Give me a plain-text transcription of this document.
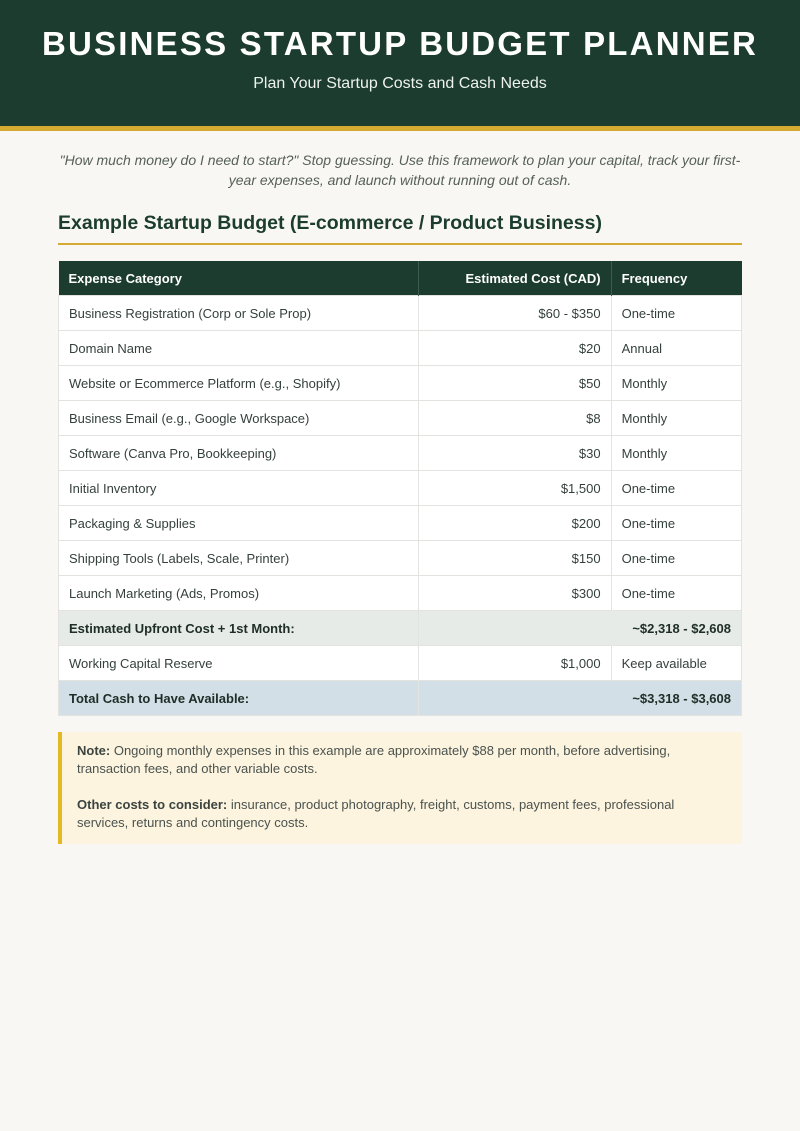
BUSINESS STARTUP BUDGET PLANNER
Plan Your Startup Costs and Cash Needs
"How much money do I need to start?" Stop guessing. Use this framework to plan your capital, track your first-year expenses, and launch without running out of cash.
Example Startup Budget (E-commerce / Product Business)
Expense Category	Estimated Cost (CAD)	Frequency
Business Registration (Corp or Sole Prop)	$60 - $350	One-time
Domain Name	$20	Annual
Website or Ecommerce Platform (e.g., Shopify)	$50	Monthly
Business Email (e.g., Google Workspace)	$8	Monthly
Software (Canva Pro, Bookkeeping)	$30	Monthly
Initial Inventory	$1,500	One-time
Packaging & Supplies	$200	One-time
Shipping Tools (Labels, Scale, Printer)	$150	One-time
Launch Marketing (Ads, Promos)	$300	One-time
Estimated Upfront Cost + 1st Month:	~$2,318 - $2,608	
Working Capital Reserve	$1,000	Keep available
Total Cash to Have Available:	~$3,318 - $3,608	

Note: Ongoing monthly expenses in this example are approximately $88 per month, before advertising, transaction fees, and other variable costs.

Other costs to consider: insurance, product photography, freight, customs, payment fees, professional services, returns and contingency costs.
